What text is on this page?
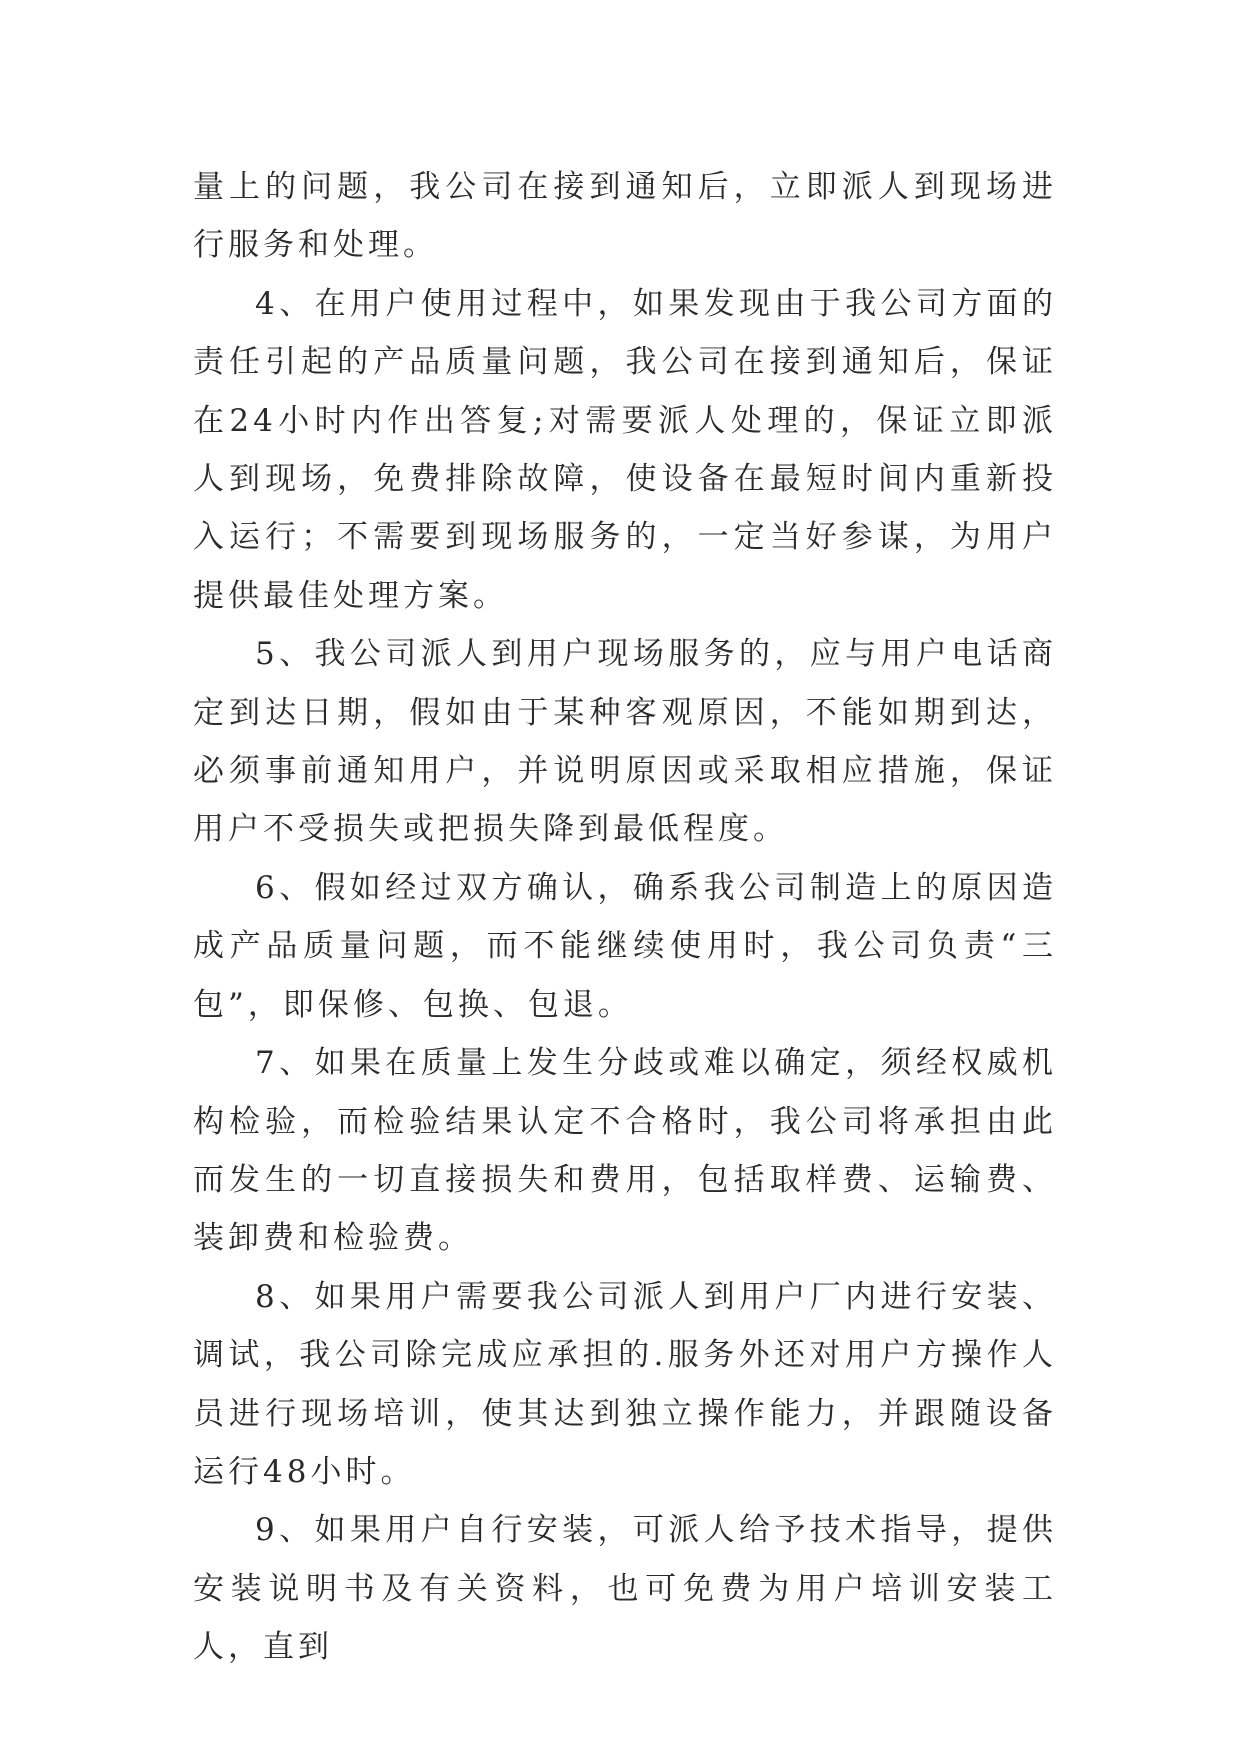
量上的问题，我公司在接到通知后，立即派人到现场进行服务和处理。

4、在用户使用过程中，如果发现由于我公司方面的责任引起的产品质量问题，我公司在接到通知后，保证在24小时内作出答复;对需要派人处理的，保证立即派人到现场，免费排除故障，使设备在最短时间内重新投入运行；不需要到现场服务的，一定当好参谋，为用户提供最佳处理方案。

5、我公司派人到用户现场服务的，应与用户电话商定到达日期，假如由于某种客观原因，不能如期到达，必须事前通知用户，并说明原因或采取相应措施，保证用户不受损失或把损失降到最低程度。

6、假如经过双方确认，确系我公司制造上的原因造成产品质量问题，而不能继续使用时，我公司负责“三包”，即保修、包换、包退。

7、如果在质量上发生分歧或难以确定，须经权威机构检验，而检验结果认定不合格时，我公司将承担由此而发生的一切直接损失和费用，包括取样费、运输费、装卸费和检验费。

8、如果用户需要我公司派人到用户厂内进行安装、调试，我公司除完成应承担的.服务外还对用户方操作人员进行现场培训，使其达到独立操作能力，并跟随设备运行48小时。

9、如果用户自行安装，可派人给予技术指导，提供安装说明书及有关资料，也可免费为用户培训安装工人，直到
